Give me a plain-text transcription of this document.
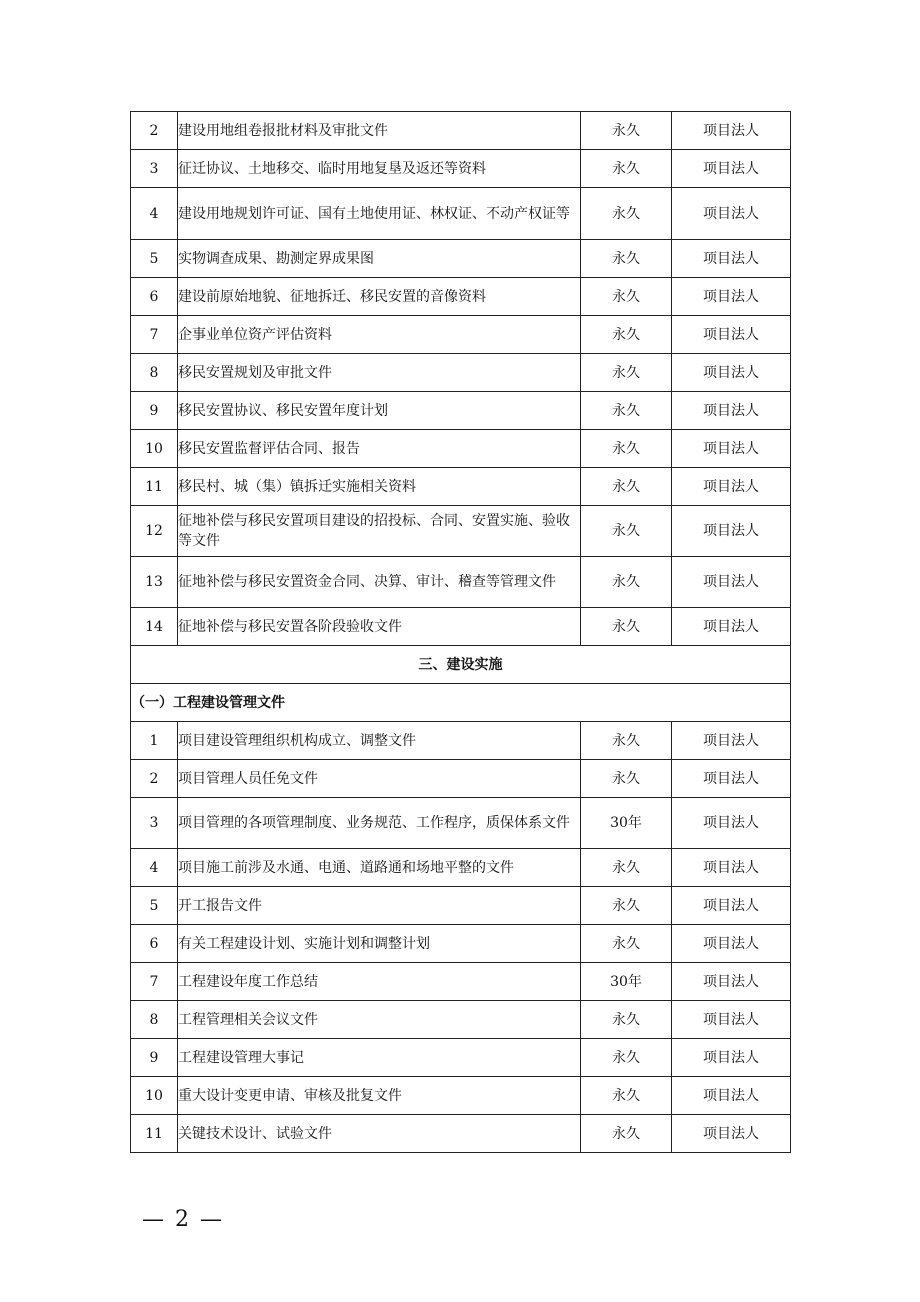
2	建设用地组卷报批材料及审批文件	永久	项目法人
3	征迁协议、土地移交、临时用地复垦及返还等资料	永久	项目法人
4	建设用地规划许可证、国有土地使用证、林权证、不动产权证等	永久	项目法人
5	实物调查成果、勘测定界成果图	永久	项目法人
6	建设前原始地貌、征地拆迁、移民安置的音像资料	永久	项目法人
7	企事业单位资产评估资料	永久	项目法人
8	移民安置规划及审批文件	永久	项目法人
9	移民安置协议、移民安置年度计划	永久	项目法人
10	移民安置监督评估合同、报告	永久	项目法人
11	移民村、城（集）镇拆迁实施相关资料	永久	项目法人
12	征地补偿与移民安置项目建设的招投标、合同、安置实施、验收等文件	永久	项目法人
13	征地补偿与移民安置资金合同、决算、审计、稽查等管理文件	永久	项目法人
14	征地补偿与移民安置各阶段验收文件	永久	项目法人
三、建设实施			
（一）工程建设管理文件			
1	项目建设管理组织机构成立、调整文件	永久	项目法人
2	项目管理人员任免文件	永久	项目法人
3	项目管理的各项管理制度、业务规范、工作程序，质保体系文件	30年	项目法人
4	项目施工前涉及水通、电通、道路通和场地平整的文件	永久	项目法人
5	开工报告文件	永久	项目法人
6	有关工程建设计划、实施计划和调整计划	永久	项目法人
7	工程建设年度工作总结	30年	项目法人
8	工程管理相关会议文件	永久	项目法人
9	工程建设管理大事记	永久	项目法人
10	重大设计变更申请、审核及批复文件	永久	项目法人
11	关键技术设计、试验文件	永久	项目法人
— 2 —
